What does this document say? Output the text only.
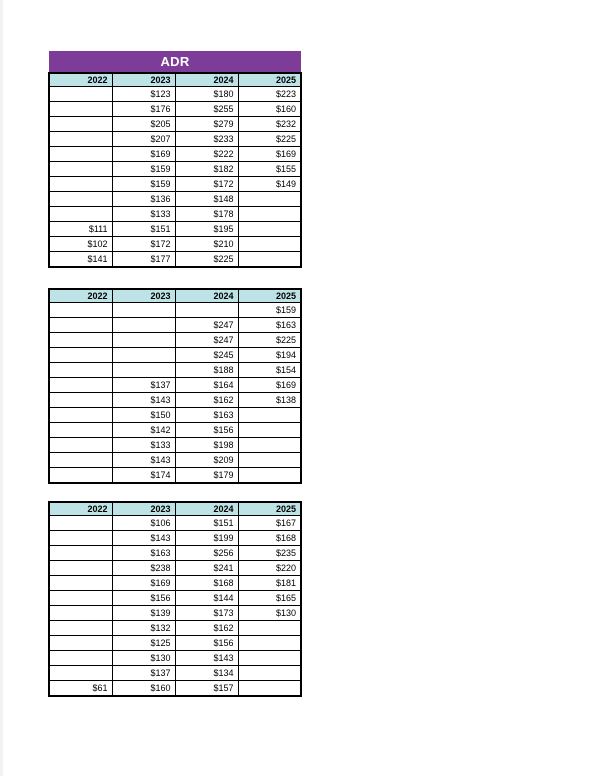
ADR			
2022	2023	2024	2025
	$123	$180	$223
	$176	$255	$160
	$205	$279	$232
	$207	$233	$225
	$169	$222	$169
	$159	$182	$155
	$159	$172	$149
	$136	$148	
	$133	$178	
$111	$151	$195	
$102	$172	$210	
$141	$177	$225	
2022	2023	2024	2025
			$159
		$247	$163
		$247	$225
		$245	$194
		$188	$154
	$137	$164	$169
	$143	$162	$138
	$150	$163	
	$142	$156	
	$133	$198	
	$143	$209	
	$174	$179	
2022	2023	2024	2025
	$106	$151	$167
	$143	$199	$168
	$163	$256	$235
	$238	$241	$220
	$169	$168	$181
	$156	$144	$165
	$139	$173	$130
	$132	$162	
	$125	$156	
	$130	$143	
	$137	$134	
$61	$160	$157	
